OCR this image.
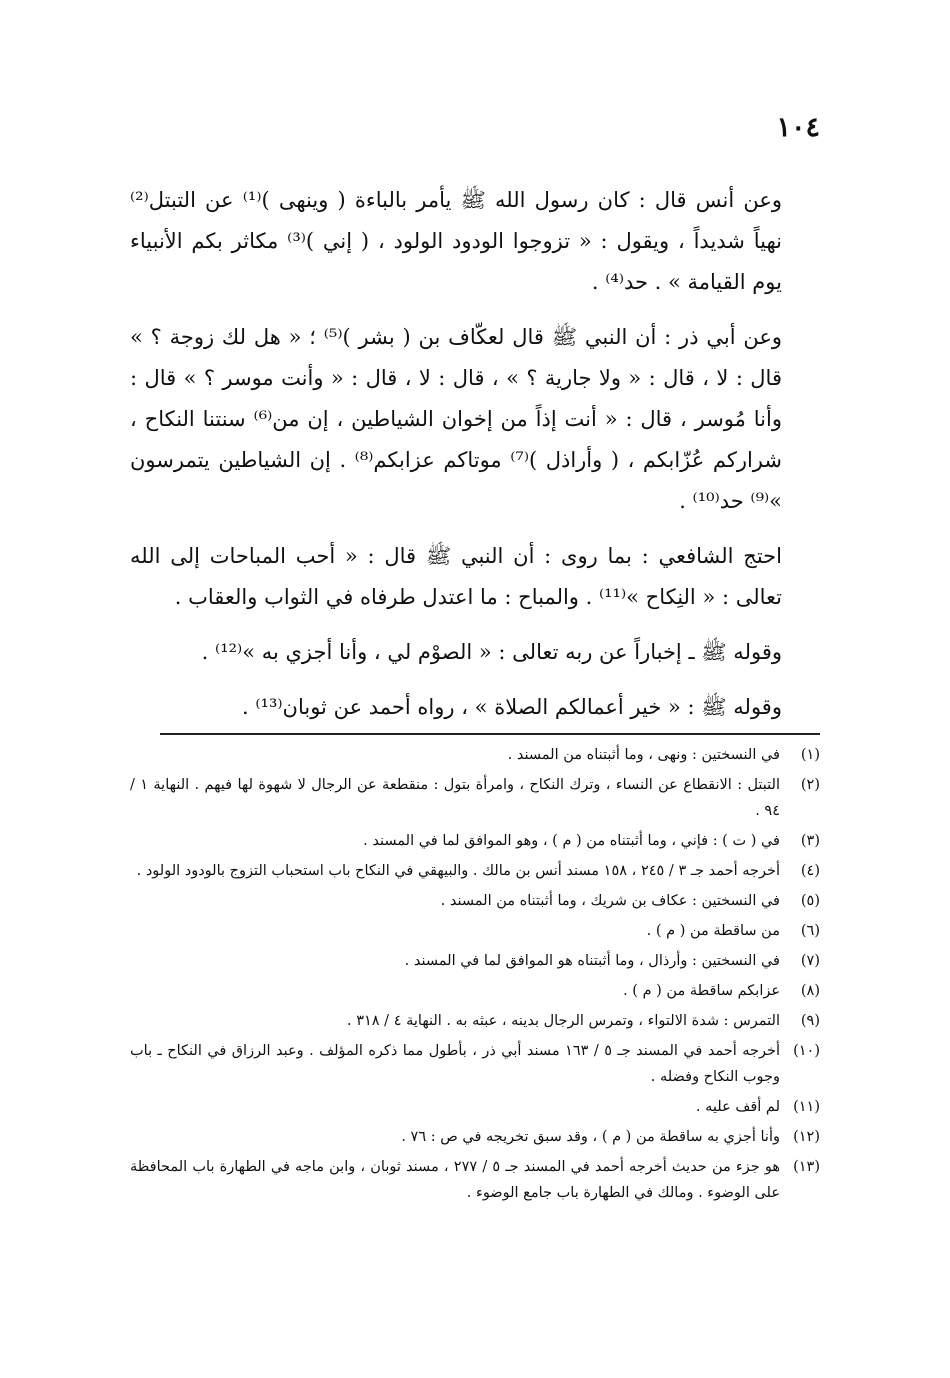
١٠٤

وعن أنس قال : كان رسول الله ﷺ يأمر بالباءة ( وينهى )⁽¹⁾ عن التبتل⁽²⁾ نهياً شديداً ، ويقول : « تزوجوا الودود الولود ، ( إني )⁽³⁾ مكاثر بكم الأنبياء يوم القيامة » . حد⁽⁴⁾ .

وعن أبي ذر : أن النبي ﷺ قال لعكّاف بن ( بشر )⁽⁵⁾ ؛ « هل لك زوجة ؟ » قال : لا ، قال : « ولا جارية ؟ » ، قال : لا ، قال : « وأنت موسر ؟ » قال : وأنا مُوسر ، قال : « أنت إذاً من إخوان الشياطين ، إن من⁽⁶⁾ سنتنا النكاح ، شراركم عُزّابكم ، ( وأراذل )⁽⁷⁾ موتاكم عزابكم⁽⁸⁾ . إن الشياطين يتمرسون »⁽⁹⁾ حد⁽¹⁰⁾ .

احتج الشافعي : بما روى : أن النبي ﷺ قال : « أحب المباحات إلى الله تعالى : « النِكاح »⁽¹¹⁾ . والمباح : ما اعتدل طرفاه في الثواب والعقاب .

وقوله ﷺ ـ إخباراً عن ربه تعالى : « الصوْم لي ، وأنا أجزي به »⁽¹²⁾ .

وقوله ﷺ : « خير أعمالكم الصلاة » ، رواه أحمد عن ثوبان⁽¹³⁾ .

(١)
في النسختين : ونهى ، وما أثبتناه من المسند .
(٢)
التبتل : الانقطاع عن النساء ، وترك النكاح ، وامرأة بتول : منقطعة عن الرجال لا شهوة لها فيهم . النهاية ١ / ٩٤ .
(٣)
في ( ت ) : فإني ، وما أثبتناه من ( م ) ، وهو الموافق لما في المسند .
(٤)
أخرجه أحمد جـ ٣ / ٢٤٥ ، ١٥٨ مسند أنس بن مالك . والبيهقي في النكاح باب استحباب التزوج بالودود الولود .
(٥)
في النسختين : عكاف بن شريك ، وما أثبتناه من المسند .
(٦)
من ساقطة من ( م ) .
(٧)
في النسختين : وأرذال ، وما أثبتناه هو الموافق لما في المسند .
(٨)
عزابكم ساقطة من ( م ) .
(٩)
التمرس : شدة الالتواء ، وتمرس الرجال بدينه ، عبثه به . النهاية ٤ / ٣١٨ .
(١٠)
أخرجه أحمد في المسند جـ ٥ / ١٦٣ مسند أبي ذر ، بأطول مما ذكره المؤلف . وعبد الرزاق في النكاح ـ باب وجوب النكاح وفضله .
(١١)
لم أقف عليه .
(١٢)
وأنا أجزي به ساقطة من ( م ) ، وقد سبق تخريجه في ص : ٧٦ .
(١٣)
هو جزء من حديث أخرجه أحمد في المسند جـ ٥ / ٢٧٧ ، مسند ثوبان ، وابن ماجه في الطهارة باب المحافظة على الوضوء . ومالك في الطهارة باب جامع الوضوء .
